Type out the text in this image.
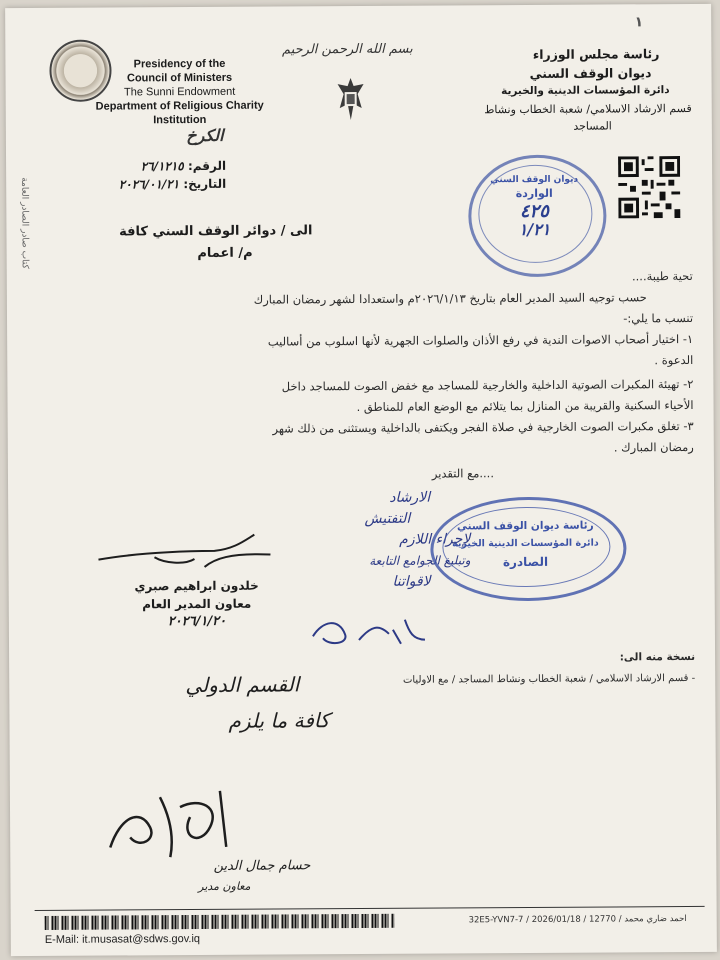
Presidency of the
Council of Ministers
The Sunni Endowment
Department of Religious Charity Institution
الكرخ
بسم الله الرحمن الرحيم
١
رئاسة مجلس الوزراء
ديوان الوقف السني
دائرة المؤسسات الدينية والخيرية
قسم الارشاد الاسلامي/ شعبة الخطاب ونشاط
المساجد
كتاب صادر الصادر العامة
الرقم: ٢٦/١٢١٥
التاريخ: ٢٠٢٦/٠١/٢١	ديوان الوقف السني
الواردة
٤٢٥
١/٢١
الى / دوائر الوقف السني كافة
م/ اعمام
تحية طيبة....
حسب توجيه السيد المدير العام بتاريخ ٢٠٢٦/١/١٣م واستعدادا لشهر رمضان المبارك
تنسب ما يلي:-
١- اختيار أصحاب الاصوات الندية في رفع الأذان والصلوات الجهرية لأنها اسلوب من أساليب
الدعوة .
٢- تهيئة المكبرات الصوتية الداخلية والخارجية للمساجد مع خفض الصوت للمساجد داخل
الأحياء السكنية والقريبة من المنازل بما يتلائم مع الوضع العام للمناطق .
٣- تغلق مكبرات الصوت الخارجية في صلاة الفجر ويكتفى بالداخلية ويستثنى من ذلك شهر
رمضان المبارك .
....مع التقدير
خلدون ابراهيم صبري
معاون المدير العام
٢٠٢٦/١/٢٠
الارشاد
التفتيش
لإجراء اللازم
وتبليغ الجوامع التابعة
لاقواتنا
رئاسة ديوان الوقف السني
دائرة المؤسسات الدينية الخيرية
الصادرة
نسخة منه الى:
- قسم الارشاد الاسلامي / شعبة الخطاب ونشاط المساجد / مع الاوليات
القسم الدولي
كافة ما يلزم
حسام جمال الدين
معاون مدير
E-Mail: it.musasat@sdws.gov.iq
32E5-YVN7-7 / 2026/01/18 / احمد ضاري محمد / 12770
